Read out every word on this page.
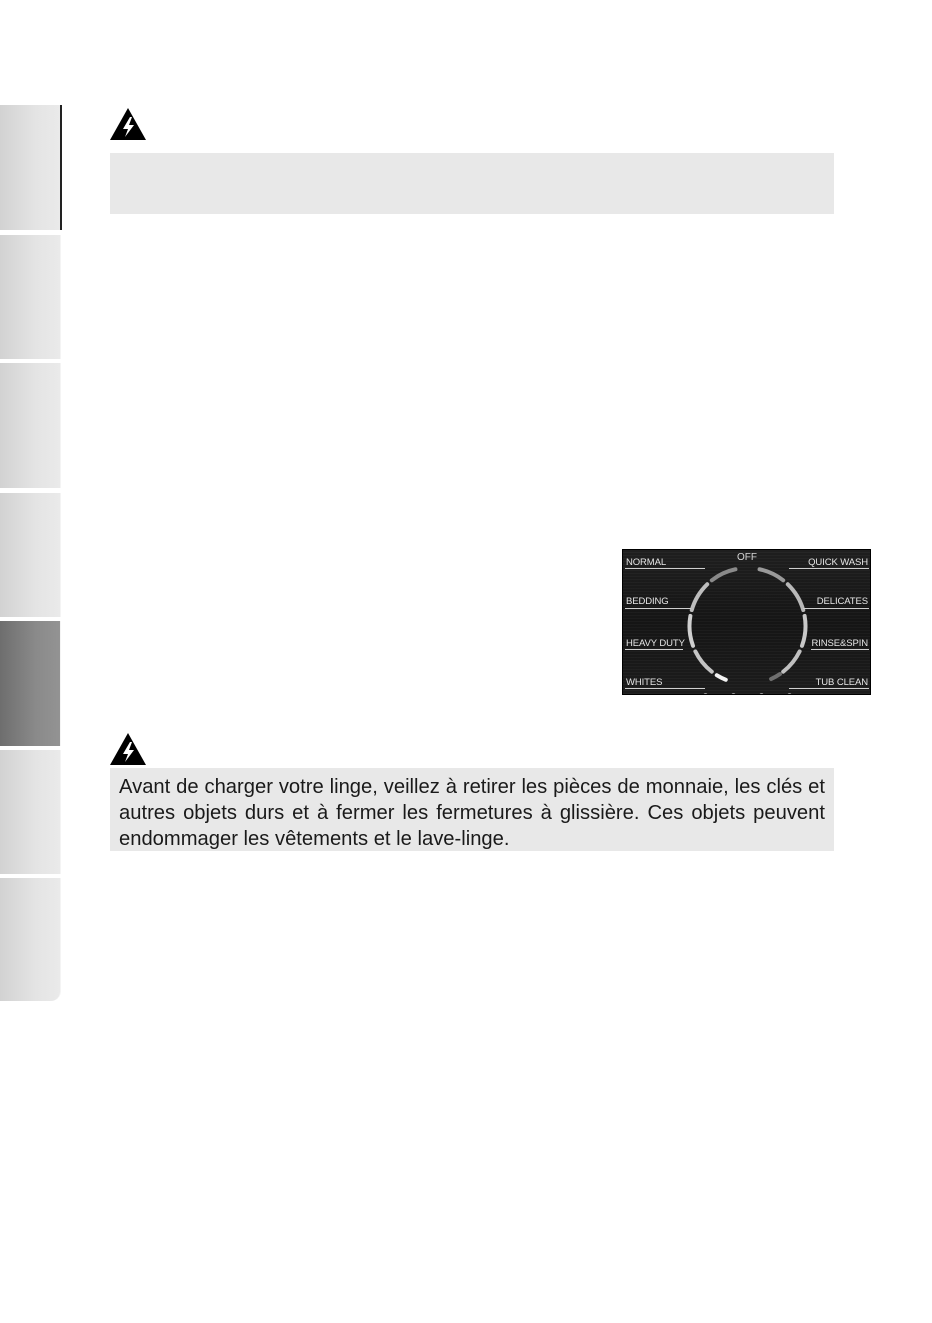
OFF
NORMAL
BEDDING
HEAVY DUTY
WHITES
QUICK WASH
DELICATES
RINSE&SPIN
TUB CLEAN
Avant de charger votre linge, veillez à retirer les pièces de monnaie, les clés et autres objets durs et à fermer les fermetures à glissière. Ces objets peuvent endommager les vêtements et le lave-linge.
